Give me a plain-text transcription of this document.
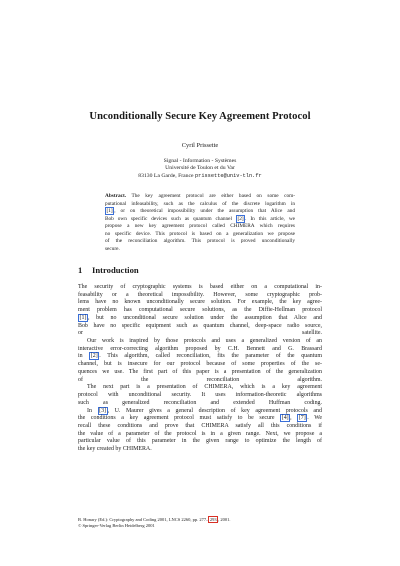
Unconditionally Secure Key Agreement Protocol
Cyril Prissette
Signal - Information - Systèmes
Université de Toulon et du Var
83130 La Garde, France prissette@univ-tln.fr
Abstract. The key agreement protocol are either based on some com-
putational infeasability, such as the calculus of the discrete logarithm in
[1] , or on theoretical impossibility under the assumption that Alice and
Bob own specific devices such as quantum channel [2] . In this article, we
propose a new key agreement protocol called CHIMERA which requires
no specific device. This protocol is based on a generalization we propose
of the reconciliation algorithm. This protocol is proved unconditionally
secure.
1 Introduction
The security of cryptographic systems is based either on a computational in-
feasability or a theoretical impossibility. However, some cryptographic prob-
lems have no known unconditionally secure solution. For example, the key agree-
ment problem has computational secure solutions, as the Diffie-Hellman protocol
[1] , but no unconditional secure solution under the assumption that Alice and
Bob have no specific equipment such as quantum channel, deep-space radio source,
or satellite.
Our work is inspired by those protocols and uses a generalized version of an
interactive error-correcting algorithm proposed by C.H. Bennett and G. Brassard
in [2] . This algorithm, called reconciliation, fits the parameter of the quantum
channel, but is insecure for our protocol because of some properties of the se-
quences we use. The first part of this paper is a presentation of the generalization
of the reconciliation algorithm.
The next part is a presentation of CHIMERA, which is a key agreement
protocol with unconditional security. It uses information-theoretic algorithms
such as generalized reconciliation and extended Huffman coding.
In [3] , U. Maurer gives a general description of key agreement protocols and
the conditions a key agreement protocol must satisfy to be secure [4] , [7] . We
recall these conditions and prove that CHIMERA satisfy all this conditions if
the value of a parameter of the protocol is in a given range. Next, we propose a
particular value of this parameter in the given range to optimize the length of
the key created by CHIMERA.
B. Honary (Ed.): Cryptography and Coding 2001, LNCS 2260, pp. 277– 293 , 2001.
© Springer-Verlag Berlin Heidelberg 2001
